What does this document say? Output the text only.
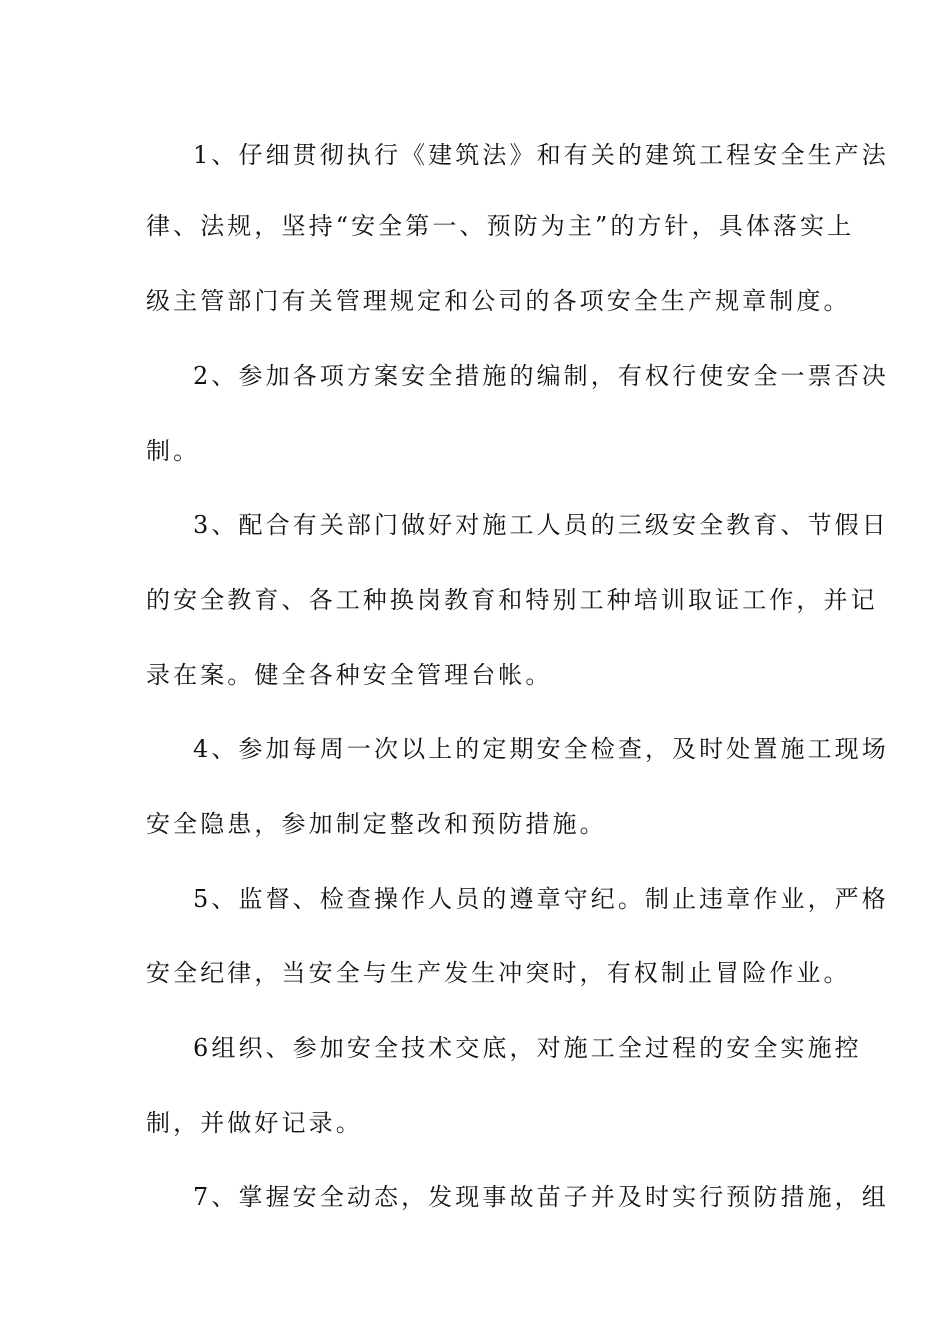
1、仔细贯彻执行《建筑法》和有关的建筑工程安全生产法
律、法规，坚持“安全第一、预防为主”的方针，具体落实上
级主管部门有关管理规定和公司的各项安全生产规章制度。
2、参加各项方案安全措施的编制，有权行使安全一票否决
制。
3、配合有关部门做好对施工人员的三级安全教育、节假日
的安全教育、各工种换岗教育和特别工种培训取证工作，并记
录在案。健全各种安全管理台帐。
4、参加每周一次以上的定期安全检查，及时处置施工现场
安全隐患，参加制定整改和预防措施。
5、监督、检查操作人员的遵章守纪。制止违章作业，严格
安全纪律，当安全与生产发生冲突时，有权制止冒险作业。
6组织、参加安全技术交底，对施工全过程的安全实施控
制，并做好记录。
7、掌握安全动态，发现事故苗子并及时实行预防措施，组
